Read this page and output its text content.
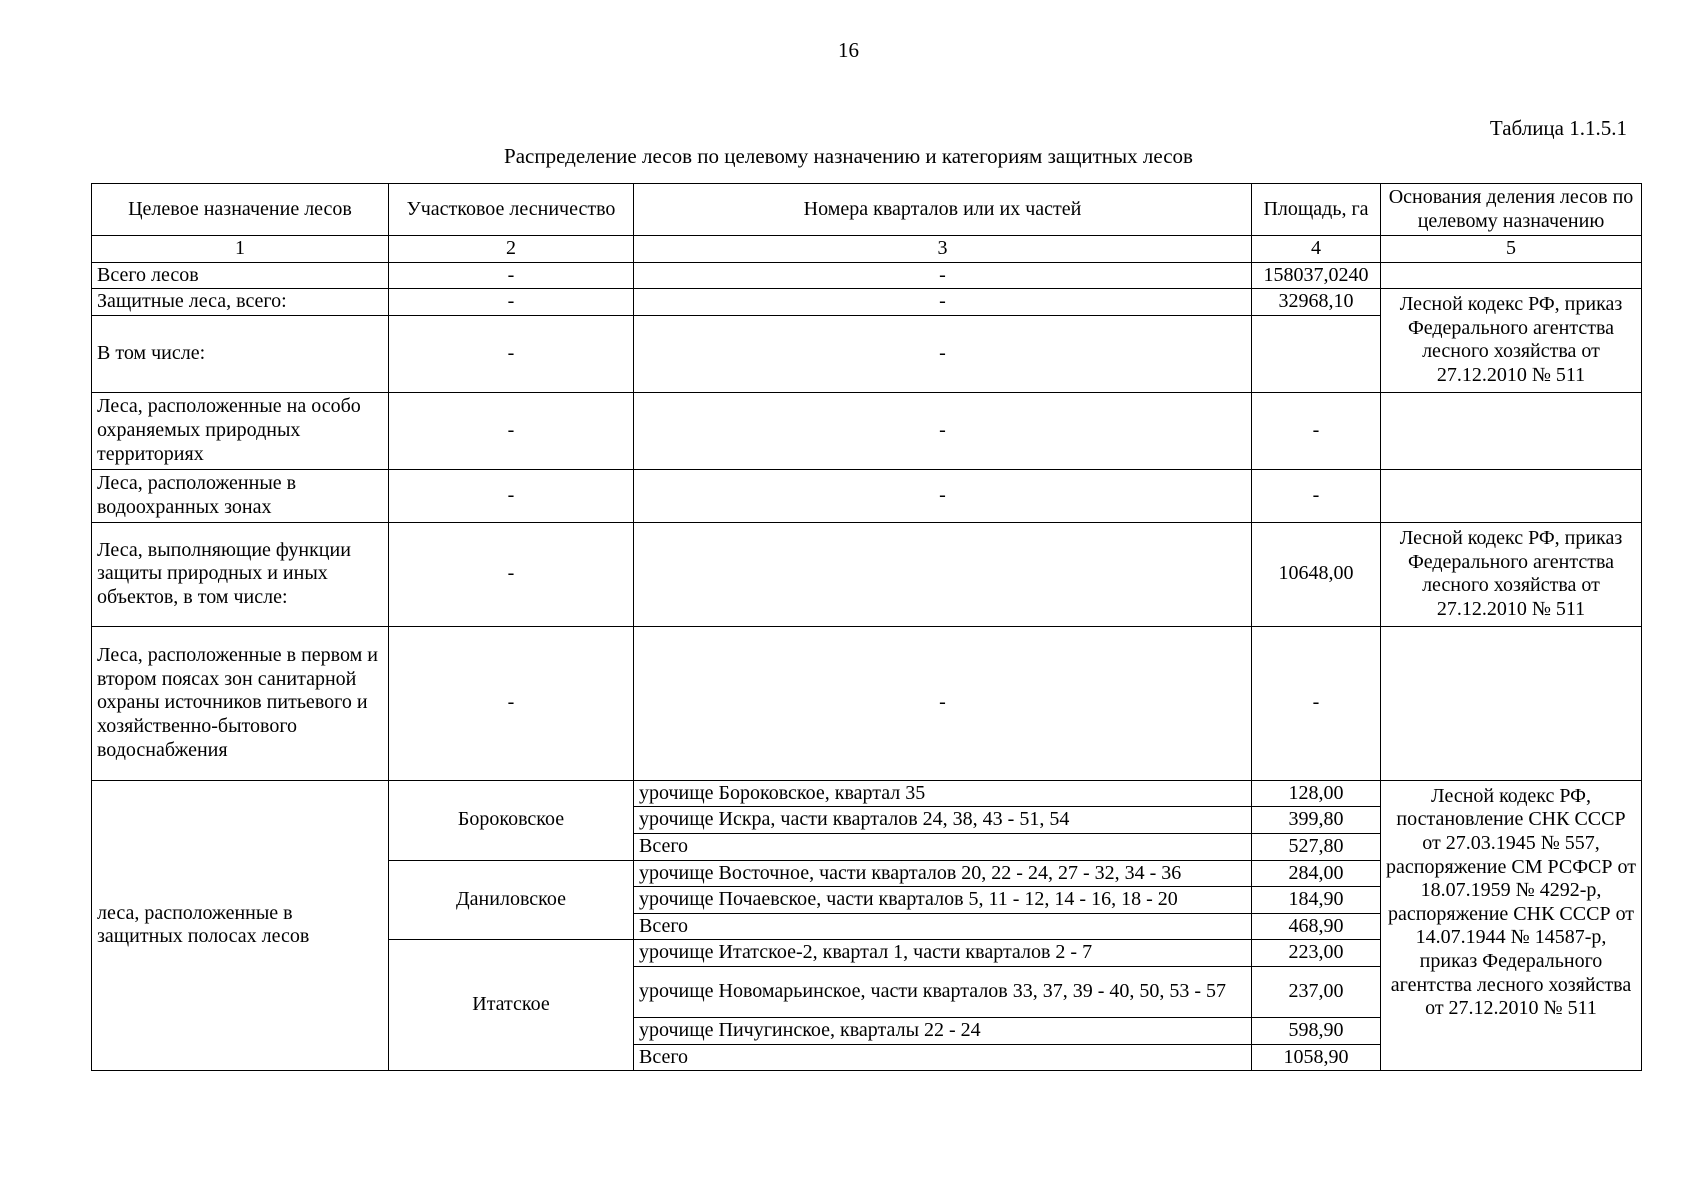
16
Таблица 1.1.5.1
Распределение лесов по целевому назначению и категориям защитных лесов
Целевое назначение лесов	Участковое лесничество	Номера кварталов или их частей	Площадь, га	Основания деления лесов по целевому назначению
1	2	3	4	5
Всего лесов	-	-	158037,0240	
Защитные леса, всего:	-	-	32968,10	Лесной кодекс РФ, приказ Федерального агентства лесного хозяйства от 27.12.2010 № 511
В том числе:	-	-		
Леса, расположенные на особо охраняемых природных территориях	-	-	-	
Леса, расположенные в водоохранных зонах	-	-	-	
Леса, выполняющие функции защиты природных и иных объектов, в том числе:	-		10648,00	Лесной кодекс РФ, приказ Федерального агентства лесного хозяйства от 27.12.2010 № 511
Леса, расположенные в первом и втором поясах зон санитарной охраны источников питьевого и хозяйственно-бытового водоснабжения	-	-	-	
леса, расположенные в защитных полосах лесов	Бороковское	урочище Бороковское, квартал 35	128,00	Лесной кодекс РФ, постановление СНК СССР от 27.03.1945 № 557, распоряжение СМ РСФСР от 18.07.1959 № 4292-р, распоряжение СНК СССР от 14.07.1944 № 14587-р, приказ Федерального агентства лесного хозяйства от 27.12.2010 № 511
		урочище Искра, части кварталов 24, 38, 43 - 51, 54	399,80	
		Всего	527,80	
	Даниловское	урочище Восточное, части кварталов 20, 22 - 24, 27 - 32, 34 - 36	284,00	
		урочище Почаевское, части кварталов 5, 11 - 12, 14 - 16, 18 - 20	184,90	
		Всего	468,90	
	Итатское	урочище Итатское-2, квартал 1, части кварталов 2 - 7	223,00	
		урочище Новомарьинское, части кварталов 33, 37, 39 - 40, 50, 53 - 57	237,00	
		урочище Пичугинское, кварталы 22 - 24	598,90	
		Всего	1058,90	
